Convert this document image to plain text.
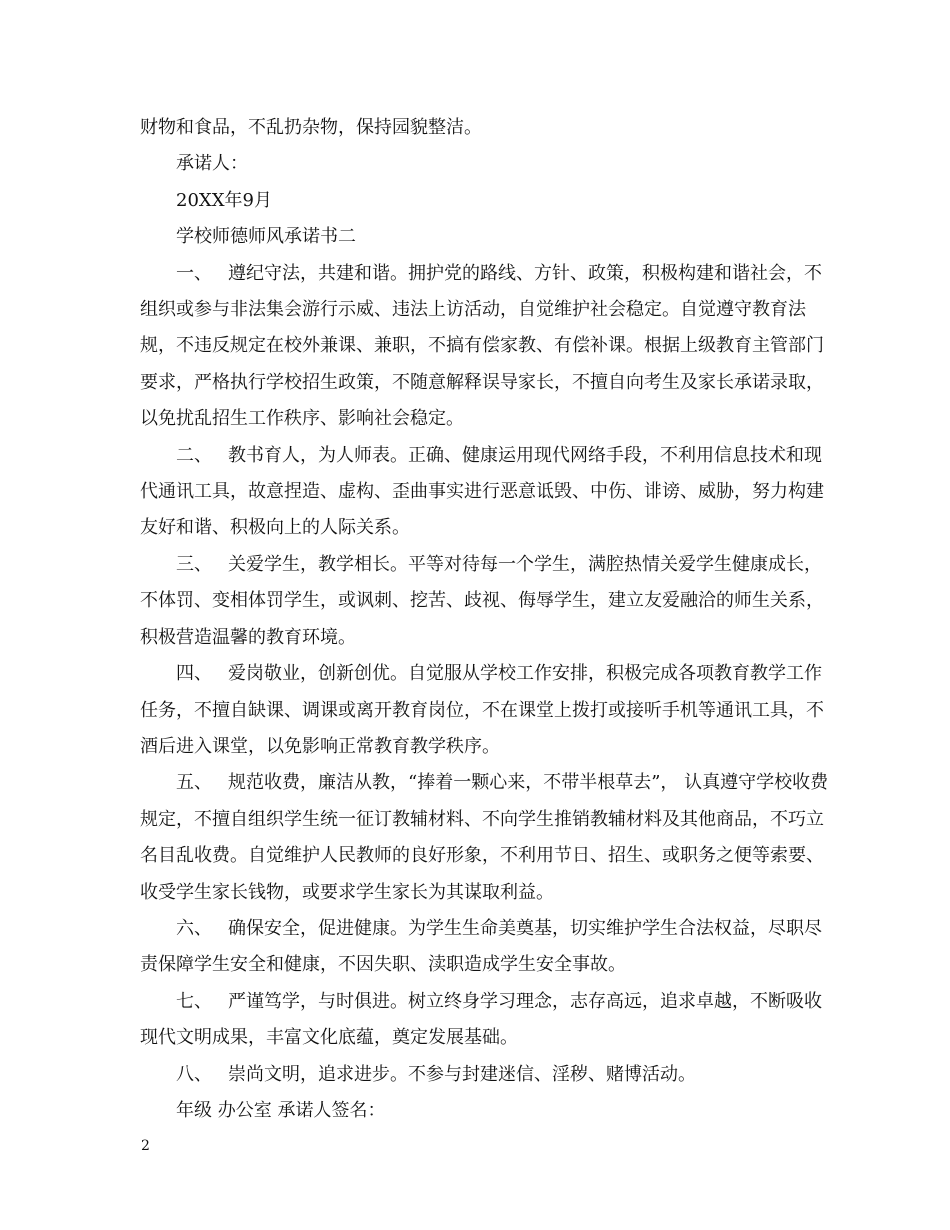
财物和食品，不乱扔杂物，保持园貌整洁。

承诺人：

20XX年9月

学校师德师风承诺书二

一、 遵纪守法，共建和谐。拥护党的路线、方针、政策，积极构建和谐社会，不组织或参与非法集会游行示威、违法上访活动，自觉维护社会稳定。自觉遵守教育法规，不违反规定在校外兼课、兼职，不搞有偿家教、有偿补课。根据上级教育主管部门要求，严格执行学校招生政策，不随意解释误导家长，不擅自向考生及家长承诺录取，以免扰乱招生工作秩序、影响社会稳定。

二、 教书育人，为人师表。正确、健康运用现代网络手段，不利用信息技术和现代通讯工具，故意捏造、虚构、歪曲事实进行恶意诋毁、中伤、诽谤、威胁，努力构建友好和谐、积极向上的人际关系。

三、 关爱学生，教学相长。平等对待每一个学生，满腔热情关爱学生健康成长，不体罚、变相体罚学生，或讽刺、挖苦、歧视、侮辱学生，建立友爱融洽的师生关系，积极营造温馨的教育环境。

四、 爱岗敬业，创新创优。自觉服从学校工作安排，积极完成各项教育教学工作任务，不擅自缺课、调课或离开教育岗位，不在课堂上拨打或接听手机等通讯工具，不酒后进入课堂，以免影响正常教育教学秩序。

五、 规范收费，廉洁从教，“捧着一颗心来，不带半根草去”， 认真遵守学校收费规定，不擅自组织学生统一征订教辅材料、不向学生推销教辅材料及其他商品，不巧立名目乱收费。自觉维护人民教师的良好形象，不利用节日、招生、或职务之便等索要、收受学生家长钱物，或要求学生家长为其谋取利益。

六、 确保安全，促进健康。为学生生命美奠基，切实维护学生合法权益，尽职尽责保障学生安全和健康，不因失职、渎职造成学生安全事故。

七、 严谨笃学，与时俱进。树立终身学习理念，志存高远，追求卓越，不断吸收现代文明成果，丰富文化底蕴，奠定发展基础。

八、 崇尚文明，追求进步。不参与封建迷信、淫秽、赌博活动。

年级 办公室 承诺人签名：

2
